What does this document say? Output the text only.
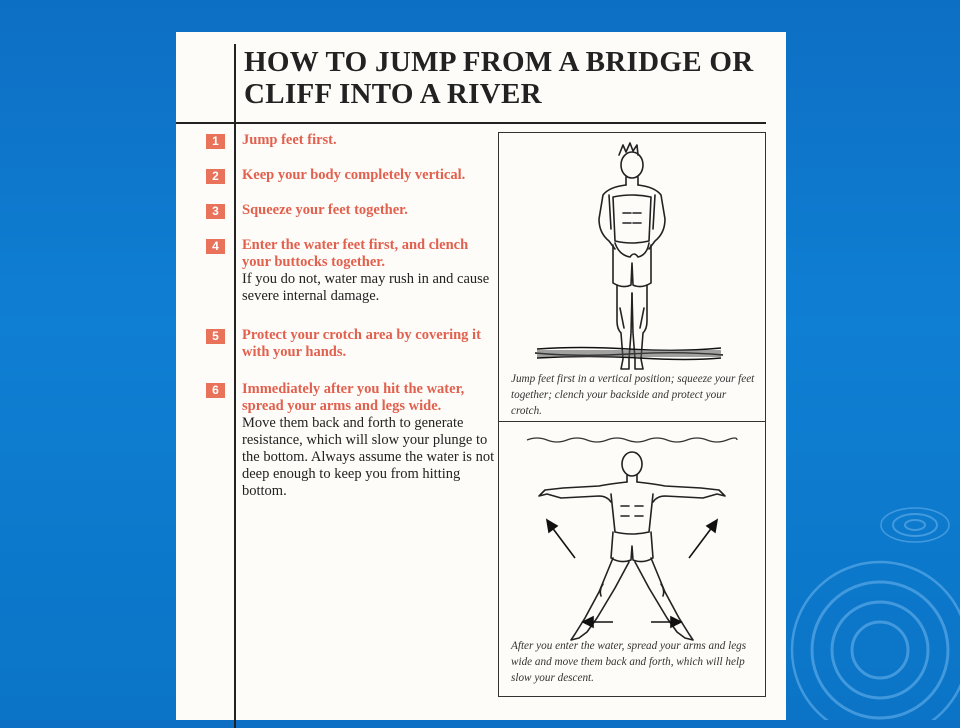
HOW TO JUMP FROM A BRIDGE OR CLIFF INTO A RIVER
1	Jump feet first.
2	Keep your body completely vertical.
3	Squeeze your feet together.
4	Enter the water feet first, and clench your buttocks together.
If you do not, water may rush in and cause severe internal damage.
5	Protect your crotch area by covering it with your hands.
6	Immediately after you hit the water, spread your arms and legs wide.
Move them back and forth to generate resistance, which will slow your plunge to the bottom. Always assume the water is not deep enough to keep you from hitting bottom.
Jump feet first in a vertical position; squeeze your feet together; clench your backside and protect your crotch.
After you enter the water, spread your arms and legs wide and move them back and forth, which will help slow your descent.
